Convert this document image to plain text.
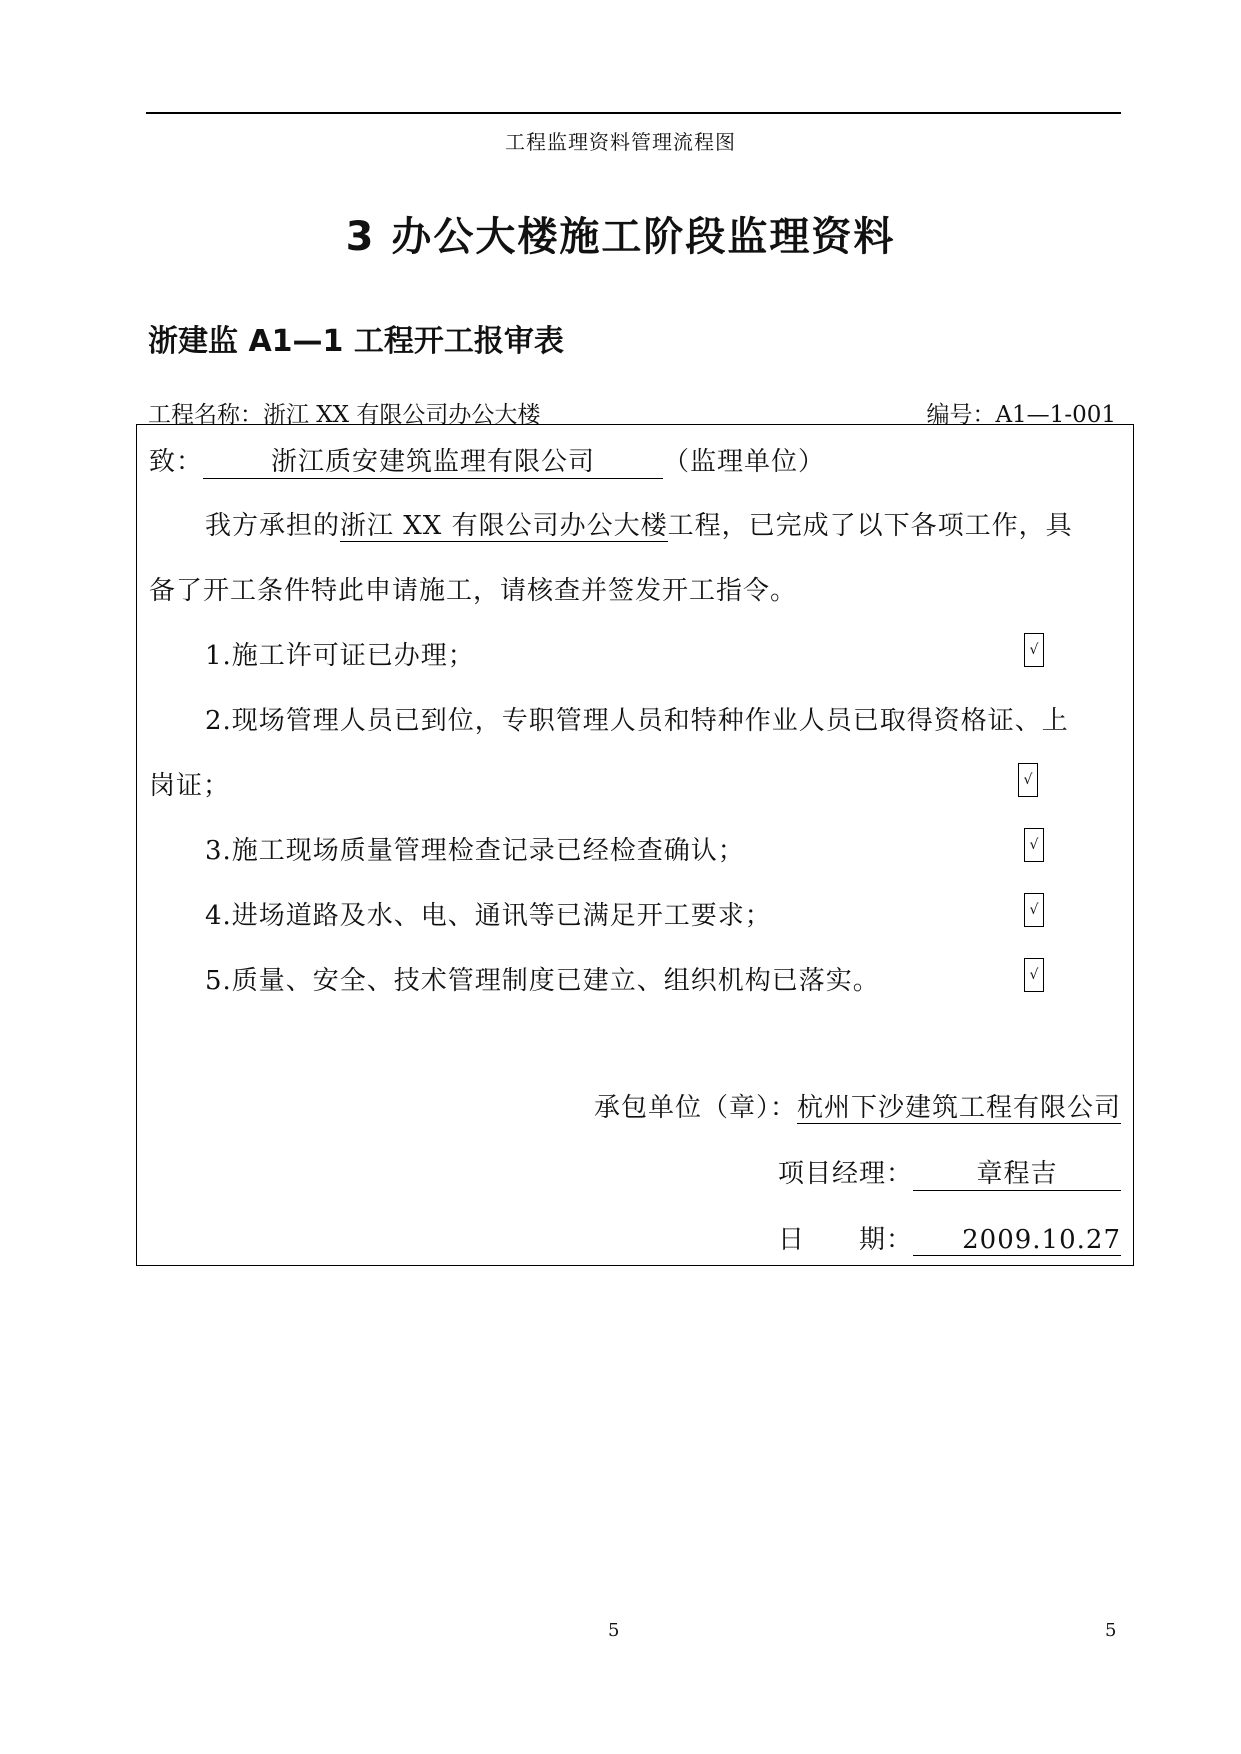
工程监理资料管理流程图
3 办公大楼施工阶段监理资料
浙建监 A1—1 工程开工报审表
工程名称：浙江 XX 有限公司办公大楼	编号：A1—1-001
致：	浙江质安建筑监理有限公司	（监理单位）
我方承担的浙江 XX 有限公司办公大楼工程，已完成了以下各项工作，具
备了开工条件特此申请施工，请核查并签发开工指令。
1.施工许可证已办理；	√
2.现场管理人员已到位，专职管理人员和特种作业人员已取得资格证、上
岗证；	√
3.施工现场质量管理检查记录已经检查确认；	√
4.进场道路及水、电、通讯等已满足开工要求；	√
5.质量、安全、技术管理制度已建立、组织机构已落实。	√
承包单位（章）：杭州下沙建筑工程有限公司
项目经理： 章程吉
日　　期： 2009.10.27
5	5
